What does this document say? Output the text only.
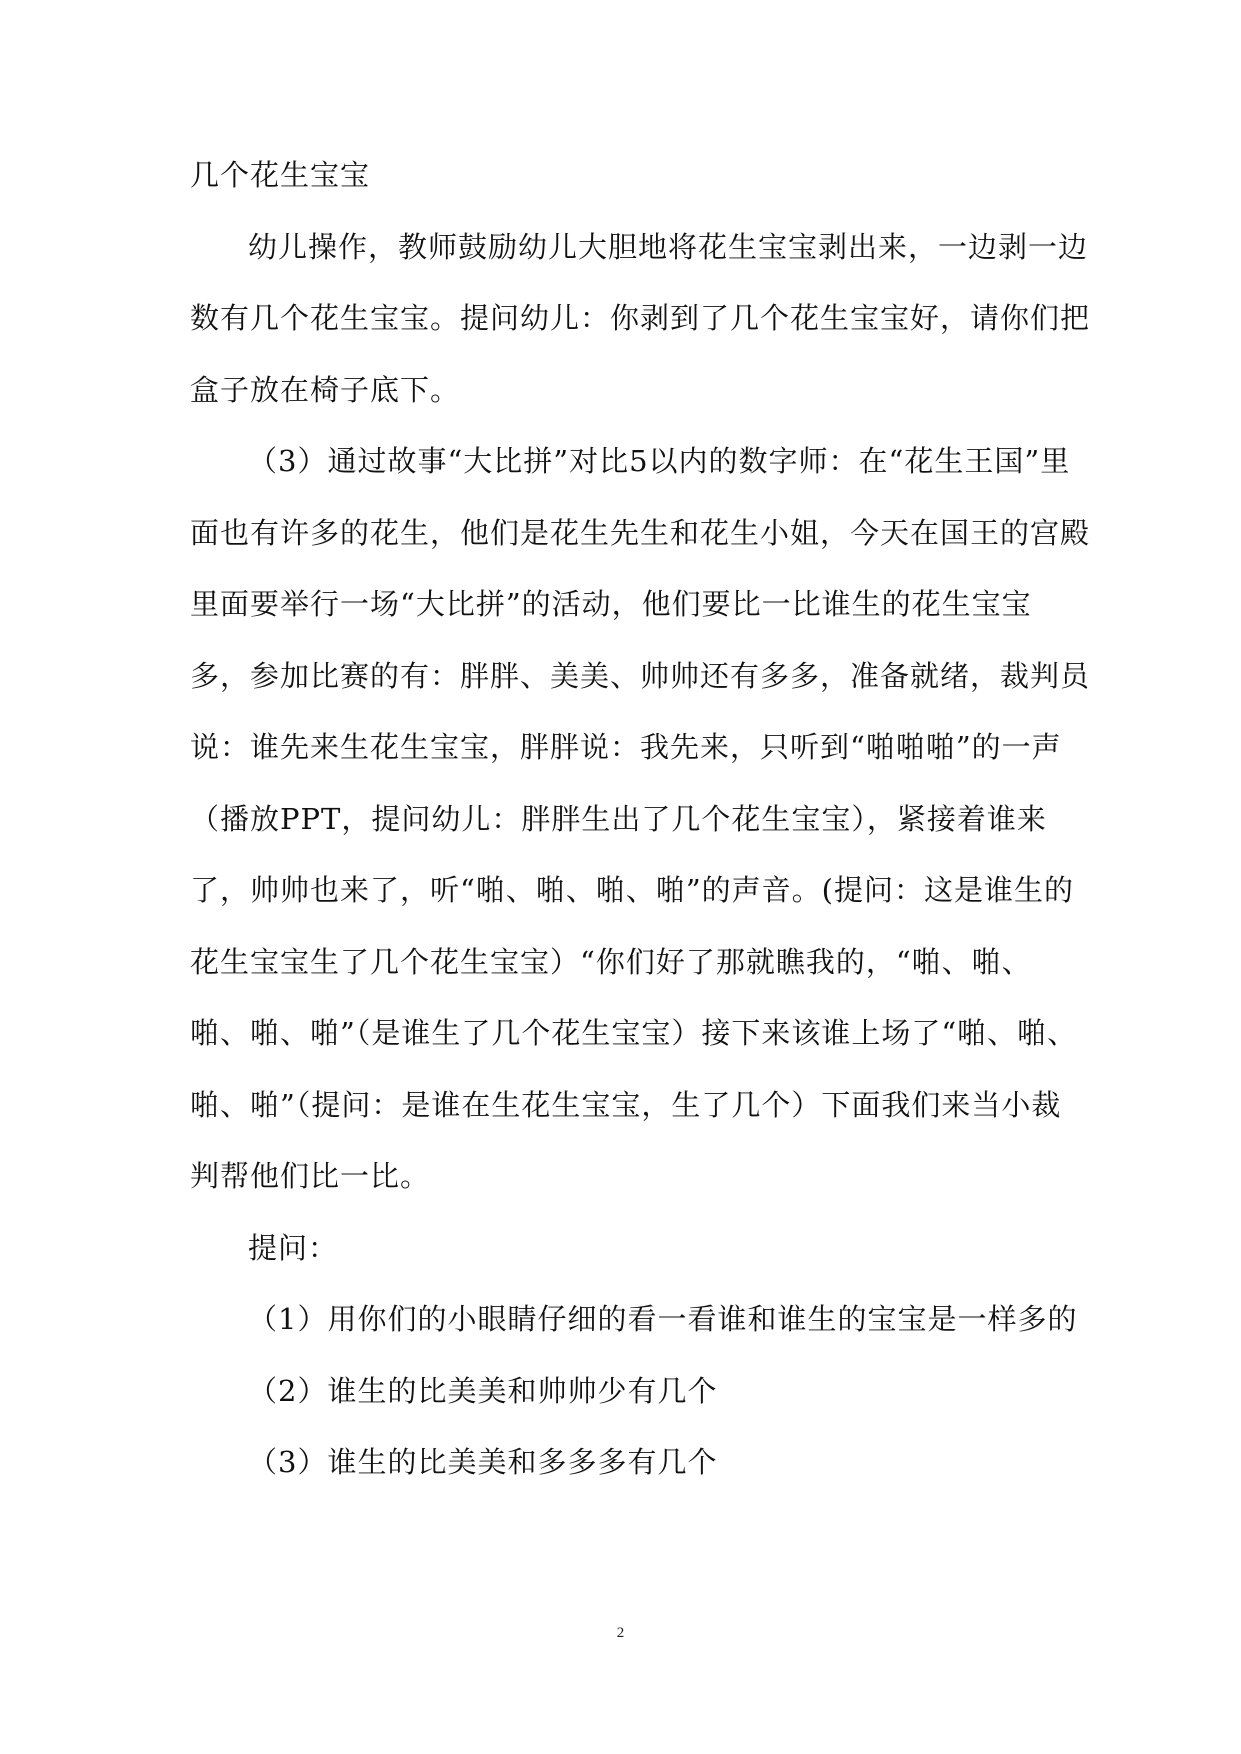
几个花生宝宝

幼儿操作，教师鼓励幼儿大胆地将花生宝宝剥出来，一边剥一边数有几个花生宝宝。提问幼儿：你剥到了几个花生宝宝好，请你们把盒子放在椅子底下。

（3）通过故事“大比拼”对比5以内的数字师：在“花生王国”里面也有许多的花生，他们是花生先生和花生小姐，今天在国王的宫殿里面要举行一场“大比拼”的活动，他们要比一比谁生的花生宝宝多，参加比赛的有：胖胖、美美、帅帅还有多多，准备就绪，裁判员说：谁先来生花生宝宝，胖胖说：我先来，只听到“啪啪啪”的一声（播放PPT，提问幼儿：胖胖生出了几个花生宝宝），紧接着谁来了，帅帅也来了，听“啪、啪、啪、啪”的声音。(提问：这是谁生的花生宝宝生了几个花生宝宝）“你们好了那就瞧我的，“啪、啪、啪、啪、啪”（是谁生了几个花生宝宝）接下来该谁上场了“啪、啪、啪、啪”（提问：是谁在生花生宝宝，生了几个）下面我们来当小裁判帮他们比一比。

提问：

（1）用你们的小眼睛仔细的看一看谁和谁生的宝宝是一样多的

（2）谁生的比美美和帅帅少有几个

（3）谁生的比美美和多多多有几个

2
